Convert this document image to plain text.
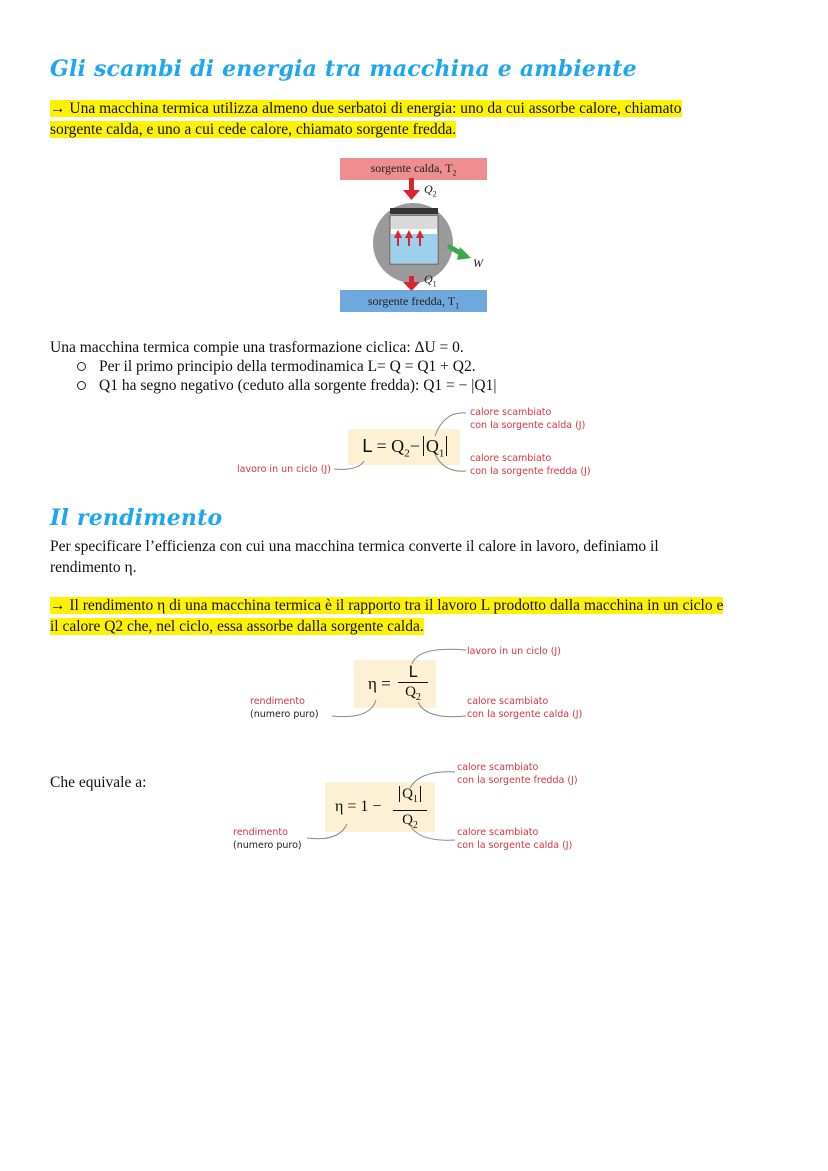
Gli scambi di energia tra macchina e ambiente
→ Una macchina termica utilizza almeno due serbatoi di energia: uno da cui assorbe calore, chiamato
sorgente calda, e uno a cui cede calore, chiamato sorgente fredda.
sorgente calda, $T_2$
sorgente fredda, $T_1$
$Q_2$
W
$Q_1$
Una macchina termica compie una trasformazione ciclica: ΔU = 0.
Per il primo principio della termodinamica L= Q = Q1 + Q2.
Q1 ha segno negativo (ceduto alla sorgente fredda): Q1 = − |Q1|
$L = Q_2- Q_1$
calore scambiato
con la sorgente calda (J)
calore scambiato
con la sorgente fredda (J)
lavoro in un ciclo (J)
Il rendimento
Per specificare l’efficienza con cui una macchina termica converte il calore in lavoro, definiamo il
rendimento η.
→ Il rendimento η di una macchina termica è il rapporto tra il lavoro L prodotto dalla macchina in un ciclo e
il calore Q2 che, nel ciclo, essa assorbe dalla sorgente calda.
η =
L
$Q_2$
lavoro in un ciclo (J)
rendimento
(numero puro)
calore scambiato
con la sorgente calda (J)
Che equivale a:
η = 1 −
$Q_1$
$Q_2$
calore scambiato
con la sorgente fredda (J)
rendimento
(numero puro)
calore scambiato
con la sorgente calda (J)
